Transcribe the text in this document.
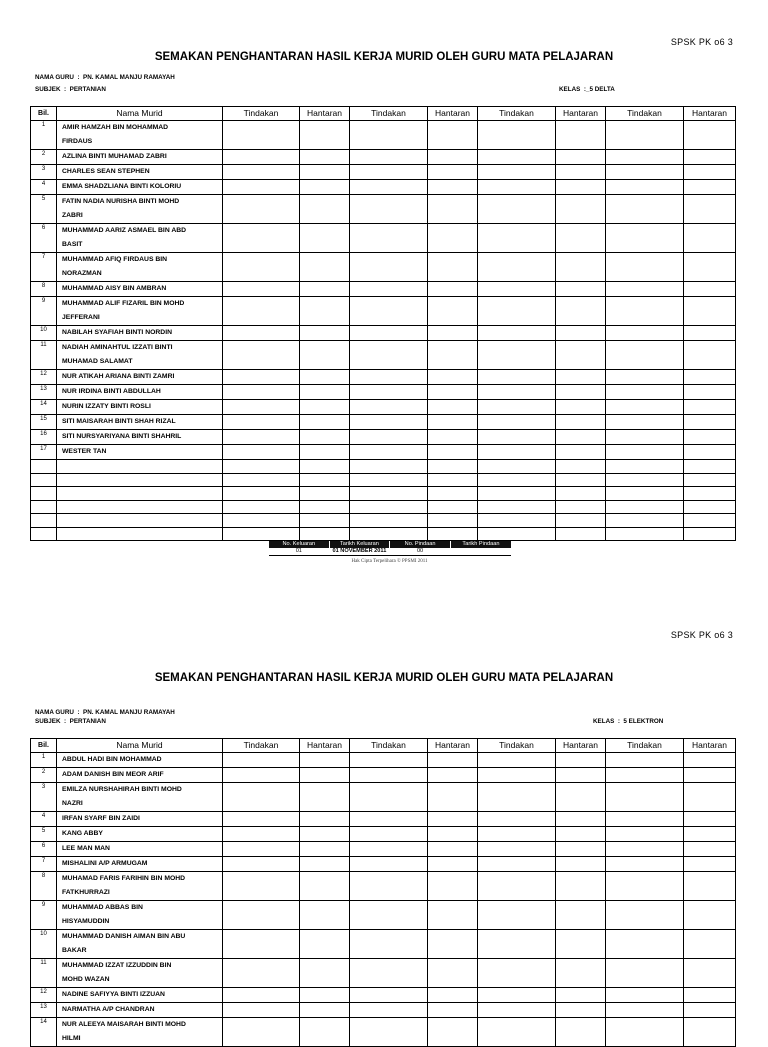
SPSK PK o6 3
SEMAKAN PENGHANTARAN HASIL KERJA MURID OLEH GURU MATA PELAJARAN
NAMA GURU  :  PN. KAMAL MANJU RAMAYAH
SUBJEK  :  PERTANIAN	KELAS  :_5 DELTA
Bil.	Nama Murid	Tindakan	Hantaran	Tindakan	Hantaran	Tindakan	Hantaran	Tindakan	Hantaran
1	AMIR HAMZAH BIN MOHAMMAD
FIRDAUS								

2	AZLINA BINTI MUHAMAD ZABRI								

3	CHARLES SEAN STEPHEN								

4	EMMA SHADZLIANA BINTI KOLORIU								

5	FATIN NADIA NURISHA BINTI MOHD
ZABRI								

6	MUHAMMAD AARIZ ASMAEL BIN ABD
BASIT								

7	MUHAMMAD AFIQ FIRDAUS BIN
NORAZMAN								

8	MUHAMMAD AISY BIN AMBRAN								

9	MUHAMMAD ALIF FIZARIL BIN MOHD
JEFFERANI								

10	NABILAH SYAFIAH BINTI NORDIN								

11	NADIAH AMINAHTUL IZZATI BINTI
MUHAMAD SALAMAT								

12	NUR ATIKAH ARIANA BINTI ZAMRI								

13	NUR IRDINA BINTI ABDULLAH								

14	NURIN IZZATY BINTI ROSLI								

15	SITI MAISARAH BINTI SHAH RIZAL								

16	SITI NURSYARIYANA BINTI SHAHRIL								

17	WESTER TAN								

No. Keluaran	Tarikh Keluaran	No. Pindaan	Tarikh Pindaan
01	01 NOVEMBER 2011	00	
Hak Cipta Terpelihara © PPSMI 2011
SPSK PK o6 3
SEMAKAN PENGHANTARAN HASIL KERJA MURID OLEH GURU MATA PELAJARAN
NAMA GURU  :  PN. KAMAL MANJU RAMAYAH
SUBJEK  :  PERTANIAN	KELAS  :  5 ELEKTRON
Bil.	Nama Murid	Tindakan	Hantaran	Tindakan	Hantaran	Tindakan	Hantaran	Tindakan	Hantaran
1	ABDUL HADI BIN MOHAMMAD								

2	ADAM DANISH BIN MEOR ARIF								

3	EMILZA NURSHAHIRAH BINTI MOHD
NAZRI								

4	IRFAN SYARF BIN ZAIDI								

5	KANG ABBY								

6	LEE MAN MAN								

7	MISHALINI A/P ARMUGAM								

8	MUHAMAD FARIS FARIHIN BIN MOHD
FATKHURRAZI								

9	MUHAMMAD ABBAS BIN
HISYAMUDDIN								

10	MUHAMMAD DANISH AIMAN BIN ABU
BAKAR								

11	MUHAMMAD IZZAT IZZUDDIN BIN
MOHD WAZAN								

12	NADINE SAFIYYA BINTI IZZUAN								

13	NARMATHA A/P CHANDRAN								

14	NUR ALEEYA MAISARAH BINTI MOHD
HILMI								
